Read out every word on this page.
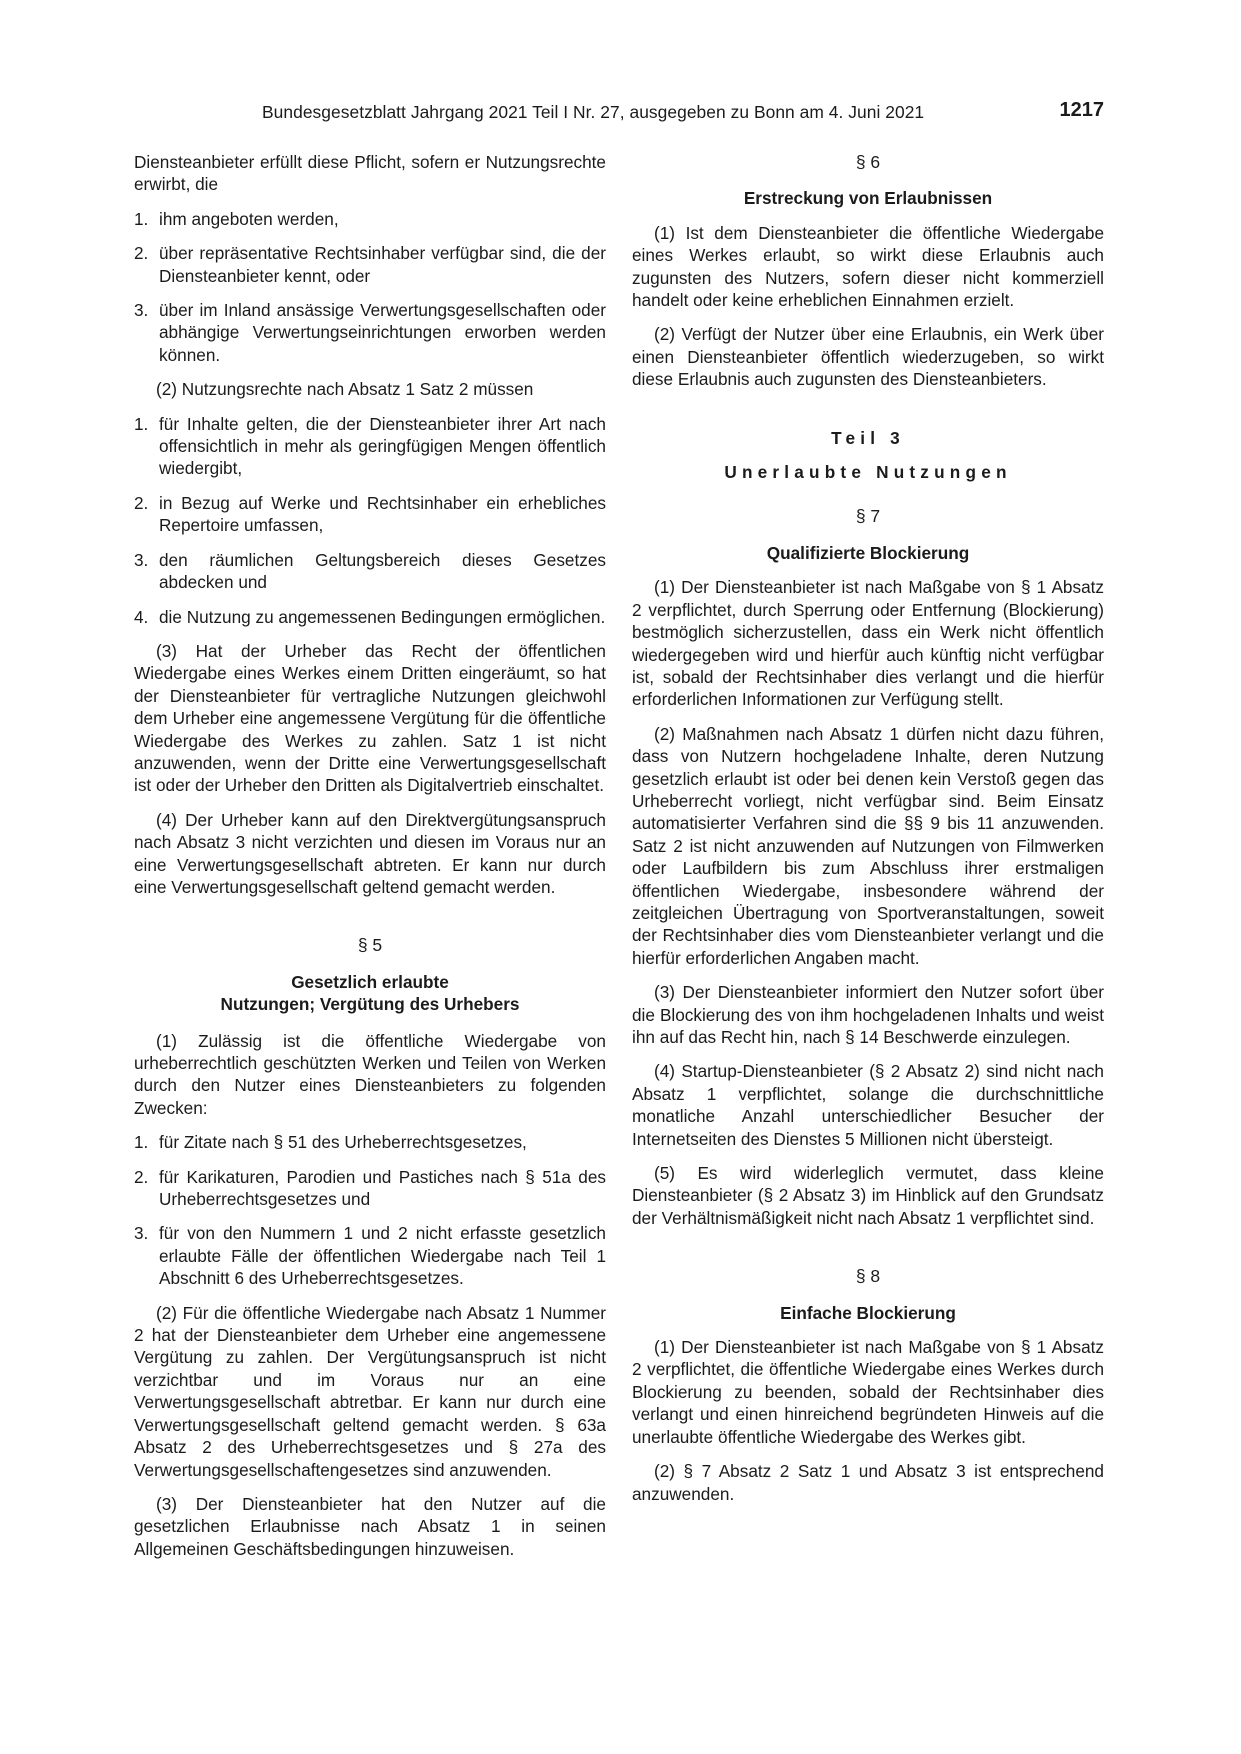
Bundesgesetzblatt Jahrgang 2021 Teil I Nr. 27, ausgegeben zu Bonn am 4. Juni 2021	1217

Diensteanbieter erfüllt diese Pflicht, sofern er Nutzungsrechte erwirbt, die

1. ihm angeboten werden,
2. über repräsentative Rechtsinhaber verfügbar sind, die der Diensteanbieter kennt, oder
3. über im Inland ansässige Verwertungsgesellschaften oder abhängige Verwertungseinrichtungen erworben werden können.

(2) Nutzungsrechte nach Absatz 1 Satz 2 müssen

1. für Inhalte gelten, die der Diensteanbieter ihrer Art nach offensichtlich in mehr als geringfügigen Mengen öffentlich wiedergibt,
2. in Bezug auf Werke und Rechtsinhaber ein erhebliches Repertoire umfassen,
3. den räumlichen Geltungsbereich dieses Gesetzes abdecken und
4. die Nutzung zu angemessenen Bedingungen ermöglichen.

(3) Hat der Urheber das Recht der öffentlichen Wiedergabe eines Werkes einem Dritten eingeräumt, so hat der Diensteanbieter für vertragliche Nutzungen gleichwohl dem Urheber eine angemessene Vergütung für die öffentliche Wiedergabe des Werkes zu zahlen. Satz 1 ist nicht anzuwenden, wenn der Dritte eine Verwertungsgesellschaft ist oder der Urheber den Dritten als Digitalvertrieb einschaltet.

(4) Der Urheber kann auf den Direktvergütungsanspruch nach Absatz 3 nicht verzichten und diesen im Voraus nur an eine Verwertungsgesellschaft abtreten. Er kann nur durch eine Verwertungsgesellschaft geltend gemacht werden.

§ 5
Gesetzlich erlaubte
Nutzungen; Vergütung des Urhebers

(1) Zulässig ist die öffentliche Wiedergabe von urheberrechtlich geschützten Werken und Teilen von Werken durch den Nutzer eines Diensteanbieters zu folgenden Zwecken:

1. für Zitate nach § 51 des Urheberrechtsgesetzes,
2. für Karikaturen, Parodien und Pastiches nach § 51a des Urheberrechtsgesetzes und
3. für von den Nummern 1 und 2 nicht erfasste gesetzlich erlaubte Fälle der öffentlichen Wiedergabe nach Teil 1 Abschnitt 6 des Urheberrechtsgesetzes.

(2) Für die öffentliche Wiedergabe nach Absatz 1 Nummer 2 hat der Diensteanbieter dem Urheber eine angemessene Vergütung zu zahlen. Der Vergütungsanspruch ist nicht verzichtbar und im Voraus nur an eine Verwertungsgesellschaft abtretbar. Er kann nur durch eine Verwertungsgesellschaft geltend gemacht werden. § 63a Absatz 2 des Urheberrechtsgesetzes und § 27a des Verwertungsgesellschaftengesetzes sind anzuwenden.

(3) Der Diensteanbieter hat den Nutzer auf die gesetzlichen Erlaubnisse nach Absatz 1 in seinen Allgemeinen Geschäftsbedingungen hinzuweisen.

§ 6
Erstreckung von Erlaubnissen

(1) Ist dem Diensteanbieter die öffentliche Wiedergabe eines Werkes erlaubt, so wirkt diese Erlaubnis auch zugunsten des Nutzers, sofern dieser nicht kommerziell handelt oder keine erheblichen Einnahmen erzielt.

(2) Verfügt der Nutzer über eine Erlaubnis, ein Werk über einen Diensteanbieter öffentlich wiederzugeben, so wirkt diese Erlaubnis auch zugunsten des Diensteanbieters.

Teil 3
Unerlaubte Nutzungen
§ 7
Qualifizierte Blockierung

(1) Der Diensteanbieter ist nach Maßgabe von § 1 Absatz 2 verpflichtet, durch Sperrung oder Entfernung (Blockierung) bestmöglich sicherzustellen, dass ein Werk nicht öffentlich wiedergegeben wird und hierfür auch künftig nicht verfügbar ist, sobald der Rechtsinhaber dies verlangt und die hierfür erforderlichen Informationen zur Verfügung stellt.

(2) Maßnahmen nach Absatz 1 dürfen nicht dazu führen, dass von Nutzern hochgeladene Inhalte, deren Nutzung gesetzlich erlaubt ist oder bei denen kein Verstoß gegen das Urheberrecht vorliegt, nicht verfügbar sind. Beim Einsatz automatisierter Verfahren sind die §§ 9 bis 11 anzuwenden. Satz 2 ist nicht anzuwenden auf Nutzungen von Filmwerken oder Laufbildern bis zum Abschluss ihrer erstmaligen öffentlichen Wiedergabe, insbesondere während der zeitgleichen Übertragung von Sportveranstaltungen, soweit der Rechtsinhaber dies vom Diensteanbieter verlangt und die hierfür erforderlichen Angaben macht.

(3) Der Diensteanbieter informiert den Nutzer sofort über die Blockierung des von ihm hochgeladenen Inhalts und weist ihn auf das Recht hin, nach § 14 Beschwerde einzulegen.

(4) Startup-Diensteanbieter (§ 2 Absatz 2) sind nicht nach Absatz 1 verpflichtet, solange die durchschnittliche monatliche Anzahl unterschiedlicher Besucher der Internetseiten des Dienstes 5 Millionen nicht übersteigt.

(5) Es wird widerleglich vermutet, dass kleine Diensteanbieter (§ 2 Absatz 3) im Hinblick auf den Grundsatz der Verhältnismäßigkeit nicht nach Absatz 1 verpflichtet sind.

§ 8
Einfache Blockierung

(1) Der Diensteanbieter ist nach Maßgabe von § 1 Absatz 2 verpflichtet, die öffentliche Wiedergabe eines Werkes durch Blockierung zu beenden, sobald der Rechtsinhaber dies verlangt und einen hinreichend begründeten Hinweis auf die unerlaubte öffentliche Wiedergabe des Werkes gibt.

(2) § 7 Absatz 2 Satz 1 und Absatz 3 ist entsprechend anzuwenden.
